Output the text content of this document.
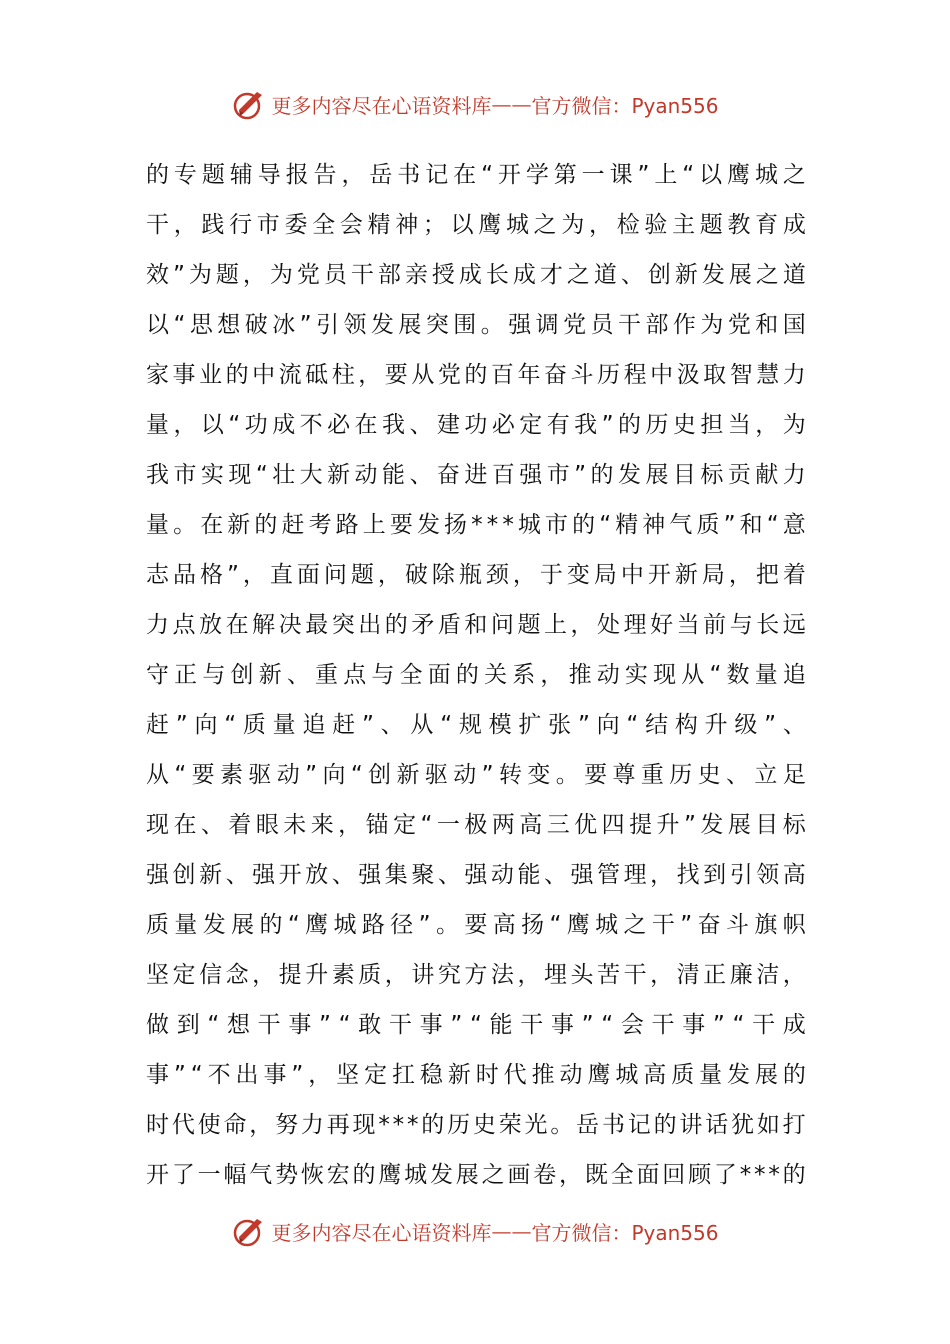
更多内容尽在心语资料库 —— 官方微信：Pyan556
的 专 题 辅 导 报 告 ， 岳 书 记 在 “ 开 学 第 一 课 ” 上 “ 以 鹰 城 之
干 ， 践 行 市 委 全 会 精 神 ； 以 鹰 城 之 为 ， 检 验 主 题 教 育 成
效 ” 为 题 ， 为 党 员 干 部 亲 授 成 长 成 才 之 道 、 创 新 发 展 之 道
以 “ 思 想 破 冰 ” 引 领 发 展 突 围 。 强 调 党 员 干 部 作 为 党 和 国
家 事 业 的 中 流 砥 柱 ， 要 从 党 的 百 年 奋 斗 历 程 中 汲 取 智 慧 力
量 ， 以 “ 功 成 不 必 在 我 、 建 功 必 定 有 我 ” 的 历 史 担 当 ， 为
我 市 实 现 “ 壮 大 新 动 能 、 奋 进 百 强 市 ” 的 发 展 目 标 贡 献 力
量 。 在 新 的 赶 考 路 上 要 发 扬 * * * 城 市 的 “ 精 神 气 质 ” 和 “ 意
志 品 格 ” ， 直 面 问 题 ， 破 除 瓶 颈 ， 于 变 局 中 开 新 局 ， 把 着
力 点 放 在 解 决 最 突 出 的 矛 盾 和 问 题 上 ， 处 理 好 当 前 与 长 远
守 正 与 创 新 、 重 点 与 全 面 的 关 系 ， 推 动 实 现 从 “ 数 量 追
赶 ” 向 “ 质 量 追 赶 ” 、 从 “ 规 模 扩 张 ” 向 “ 结 构 升 级 ” 、
从 “ 要 素 驱 动 ” 向 “ 创 新 驱 动 ” 转 变 。 要 尊 重 历 史 、 立 足
现 在 、 着 眼 未 来 ， 锚 定 “ 一 极 两 高 三 优 四 提 升 ” 发 展 目 标
强 创 新 、 强 开 放 、 强 集 聚 、 强 动 能 、 强 管 理 ， 找 到 引 领 高
质 量 发 展 的 “ 鹰 城 路 径 ” 。 要 高 扬 “ 鹰 城 之 干 ” 奋 斗 旗 帜
坚 定 信 念 ， 提 升 素 质 ， 讲 究 方 法 ， 埋 头 苦 干 ， 清 正 廉 洁 ，
做 到 “ 想 干 事 ” “ 敢 干 事 ” “ 能 干 事 ” “ 会 干 事 ” “ 干 成
事 ” “ 不 出 事 ” ， 坚 定 扛 稳 新 时 代 推 动 鹰 城 高 质 量 发 展 的
时 代 使 命 ， 努 力 再 现 * * * 的 历 史 荣 光 。 岳 书 记 的 讲 话 犹 如 打
开 了 一 幅 气 势 恢 宏 的 鹰 城 发 展 之 画 卷 ， 既 全 面 回 顾 了 * * * 的
更多内容尽在心语资料库 —— 官方微信：Pyan556
